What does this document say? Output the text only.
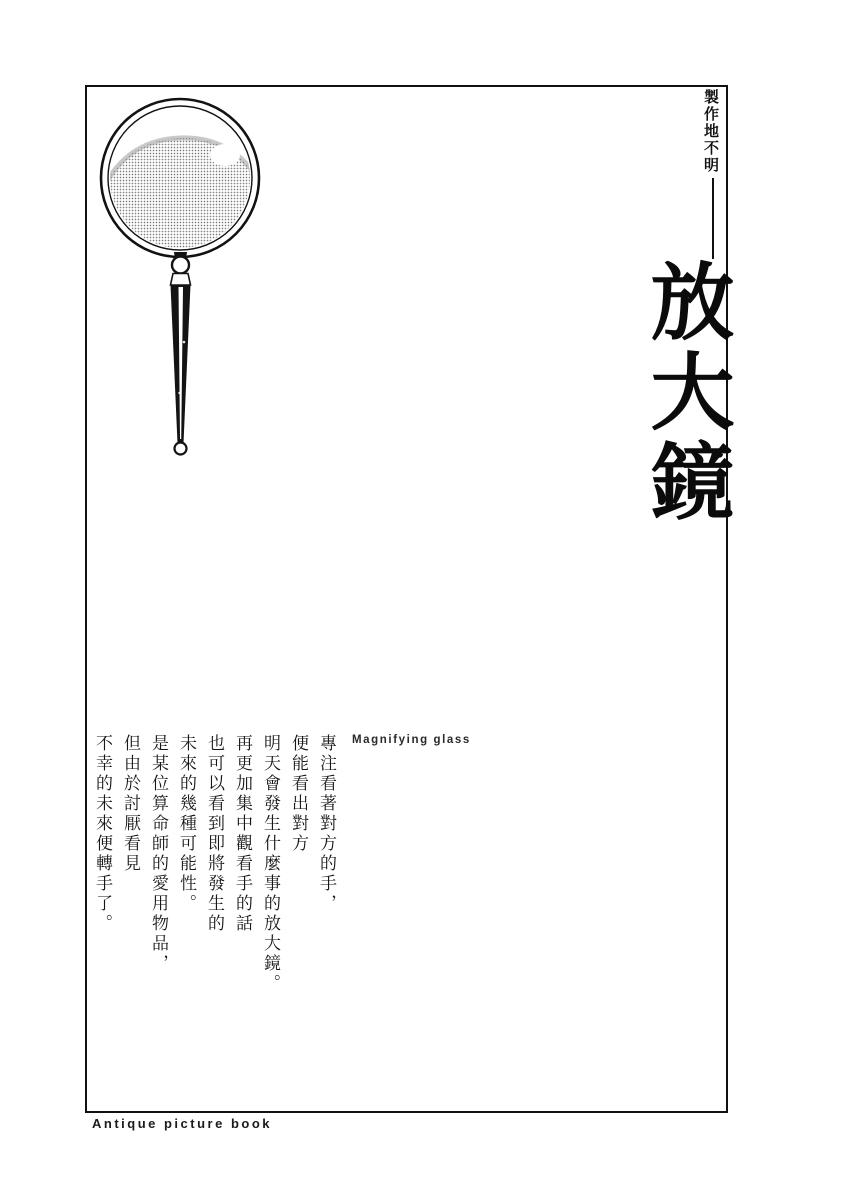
製作地不明
放大鏡
Magnifying glass
專注看著對方的手，
便能看出對方
明天會發生什麼事的放大鏡。
再更加集中觀看手的話
也可以看到即將發生的
未來的幾種可能性。
是某位算命師的愛用物品，
但由於討厭看見
不幸的未來便轉手了。
Antique picture book
